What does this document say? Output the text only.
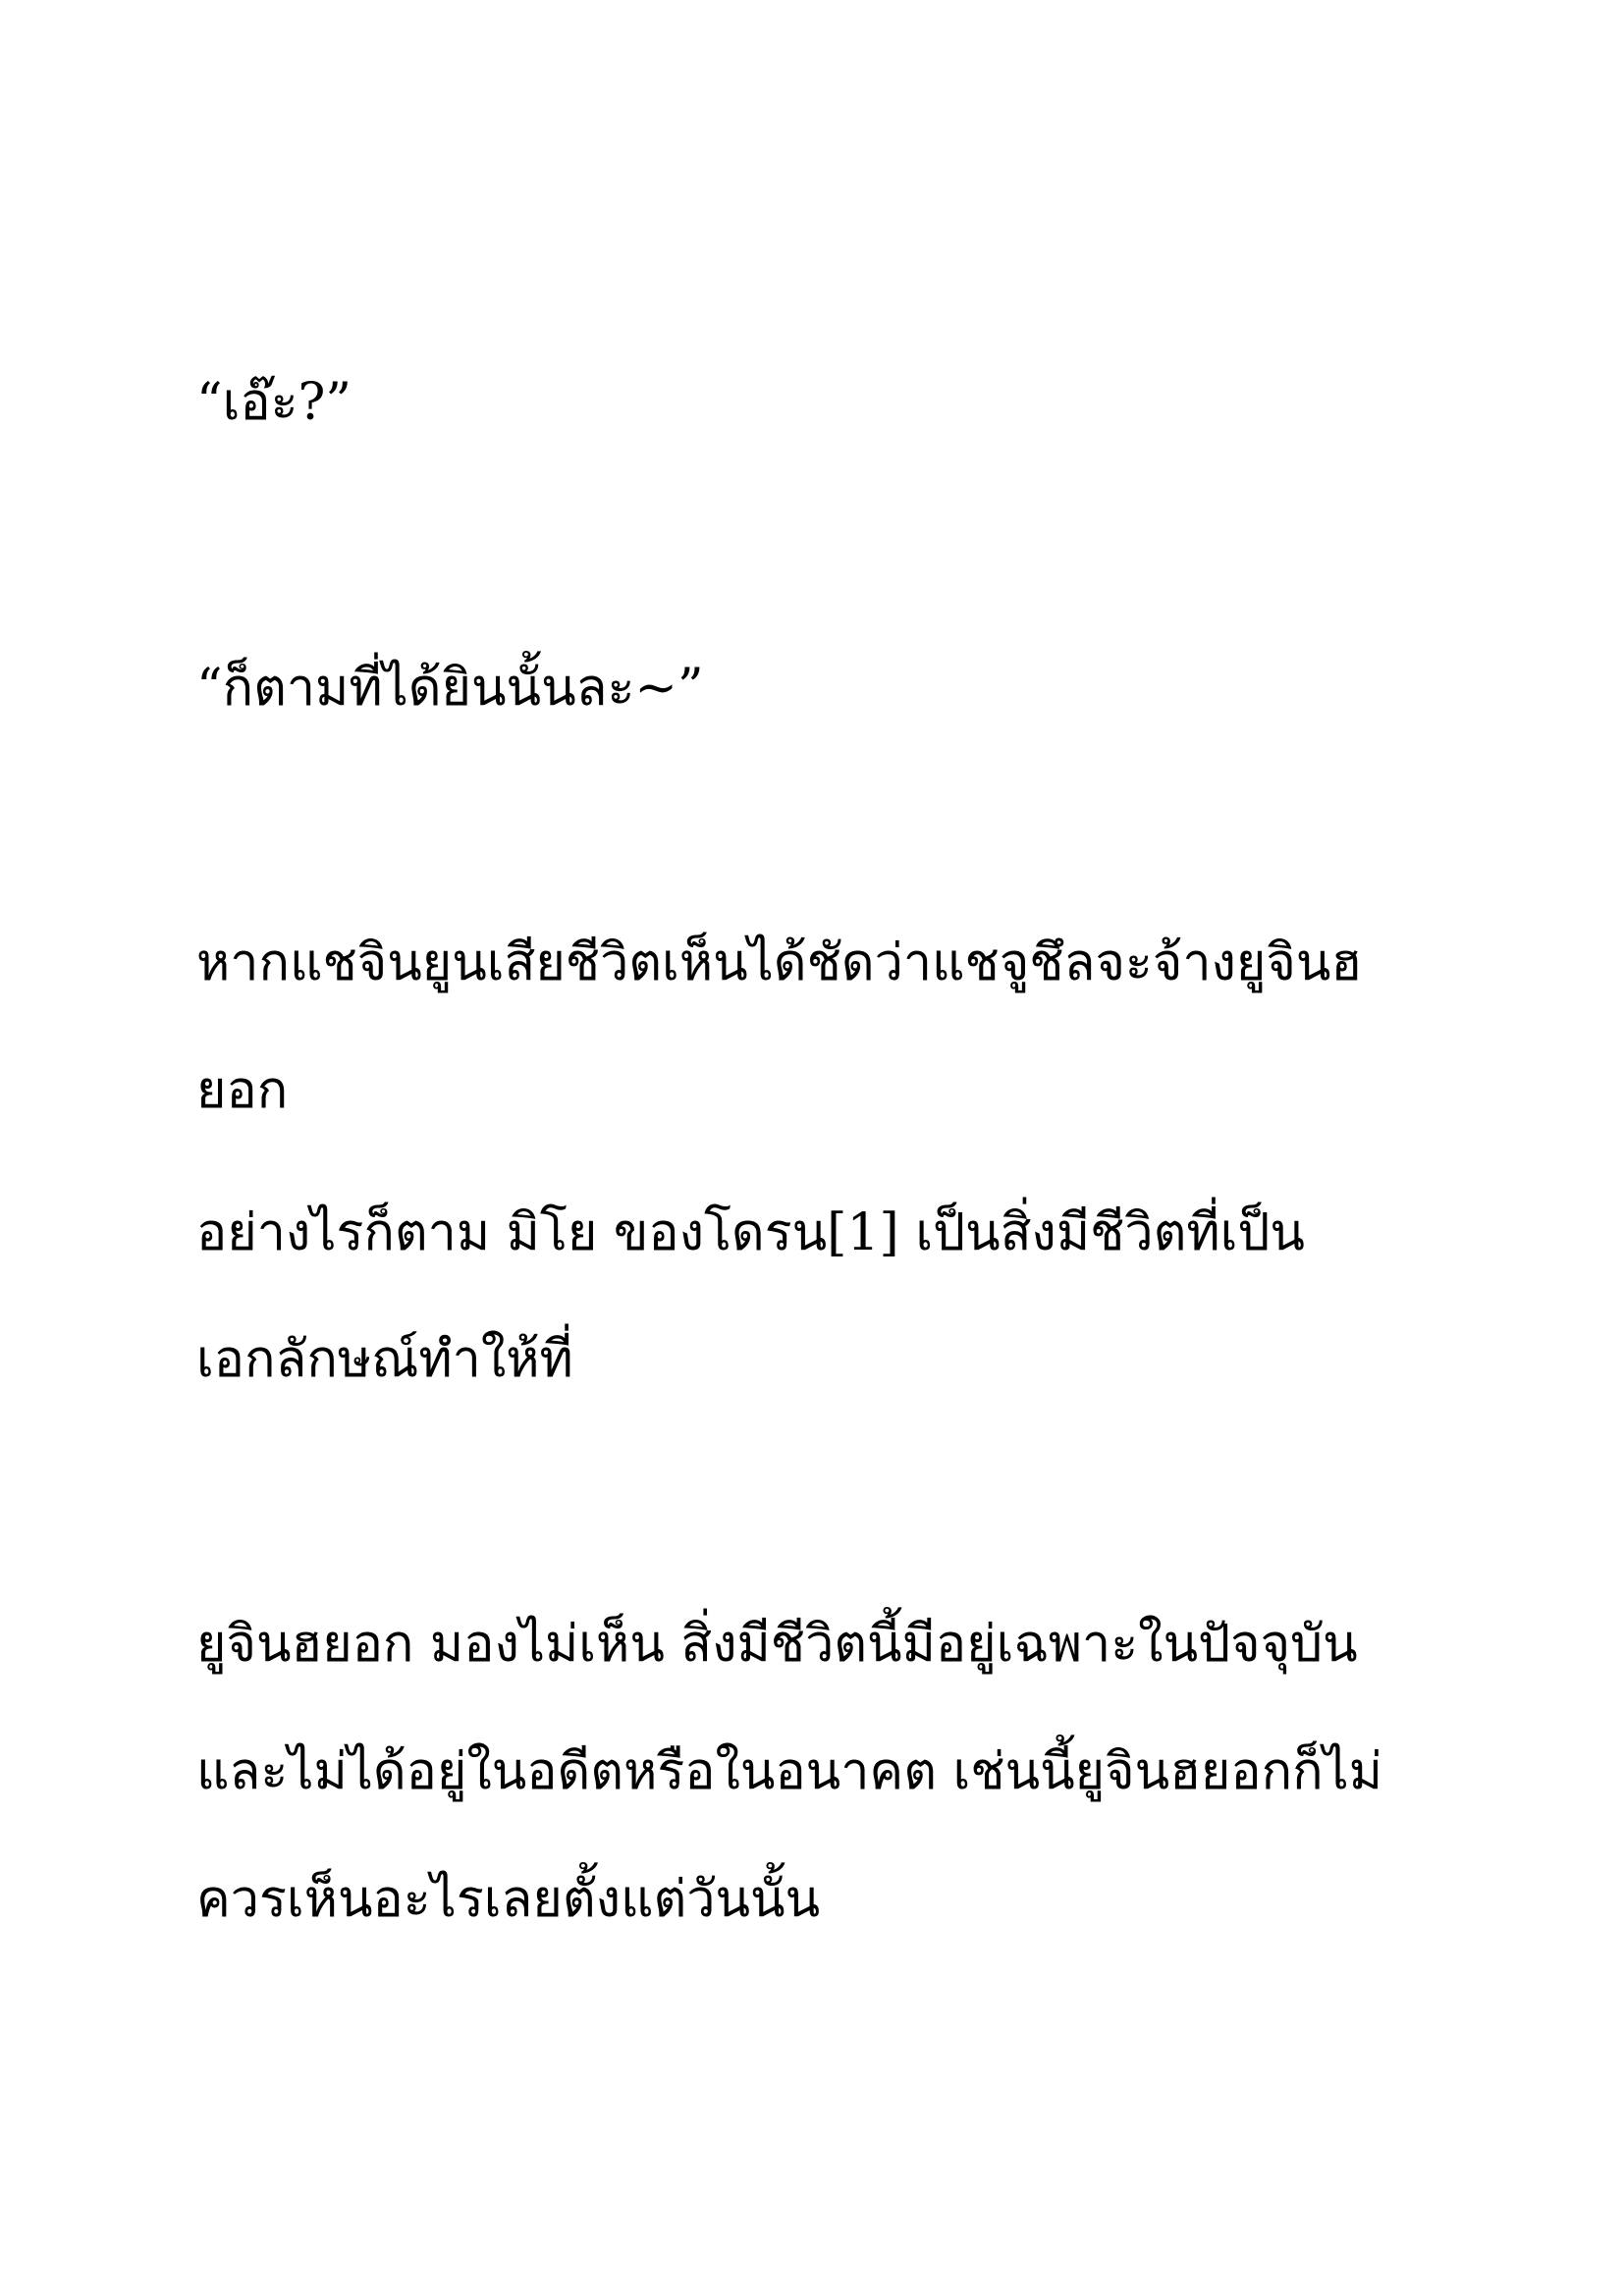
“เอ๊ะ?”

“ก็ตามที่ได้ยินนั้นละ~”

หากแชจินยูนเสียชีวิตเห็นได้ชัดว่าแชจูชึลจะจ้างยูจินฮ

ยอก

อย่างไรก็ตาม มิโย ของโดรน[1] เป็นสิ่งมีชีวิตที่เป็น

เอกลักษณ์ทำให้ที่

ยูจินฮยอก มองไม่เห็น สิ่งมีชีวิตนี้มีอยู่เฉพาะในปัจจุบัน

และไม่ได้อยู่ในอดีตหรือในอนาคต เช่นนี้ยูจินฮยอกก็ไม่

ควรเห็นอะไรเลยตั้งแต่วันนั้น
